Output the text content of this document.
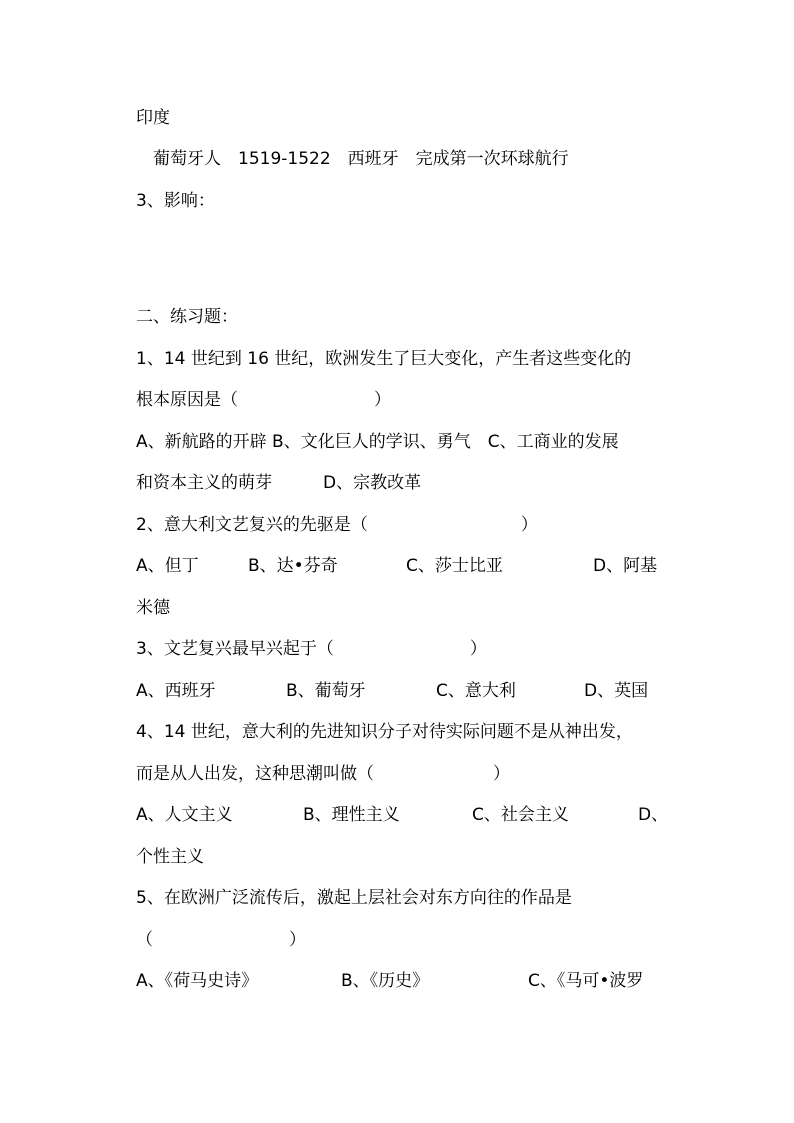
印度
　葡萄牙人　1519-1522　西班牙　完成第一次环球航行
3、影响：
二、练习题：
1、14 世纪到 16 世纪，欧洲发生了巨大变化，产生者这些变化的
根本原因是（　　　　　　　　）
A、新航路的开辟 B、文化巨人的学识、勇气　C、工商业的发展
和资本主义的萌芽　　　D、宗教改革
2、意大利文艺复兴的先驱是（　　　　　　　　　）
A、但丁	B、达•芬奇	C、莎士比亚	D、阿基
米德
3、文艺复兴最早兴起于（　　　　　　　　）
A、西班牙	B、葡萄牙	C、意大利	D、英国
4、14 世纪，意大利的先进知识分子对待实际问题不是从神出发，
而是从人出发，这种思潮叫做（　　　　　　　）
A、人文主义	B、理性主义	C、社会主义	D、
个性主义
5、在欧洲广泛流传后，激起上层社会对东方向往的作品是
（　　　　　　　　）
A、《荷马史诗》	B、《历史》	C、《马可•波罗
